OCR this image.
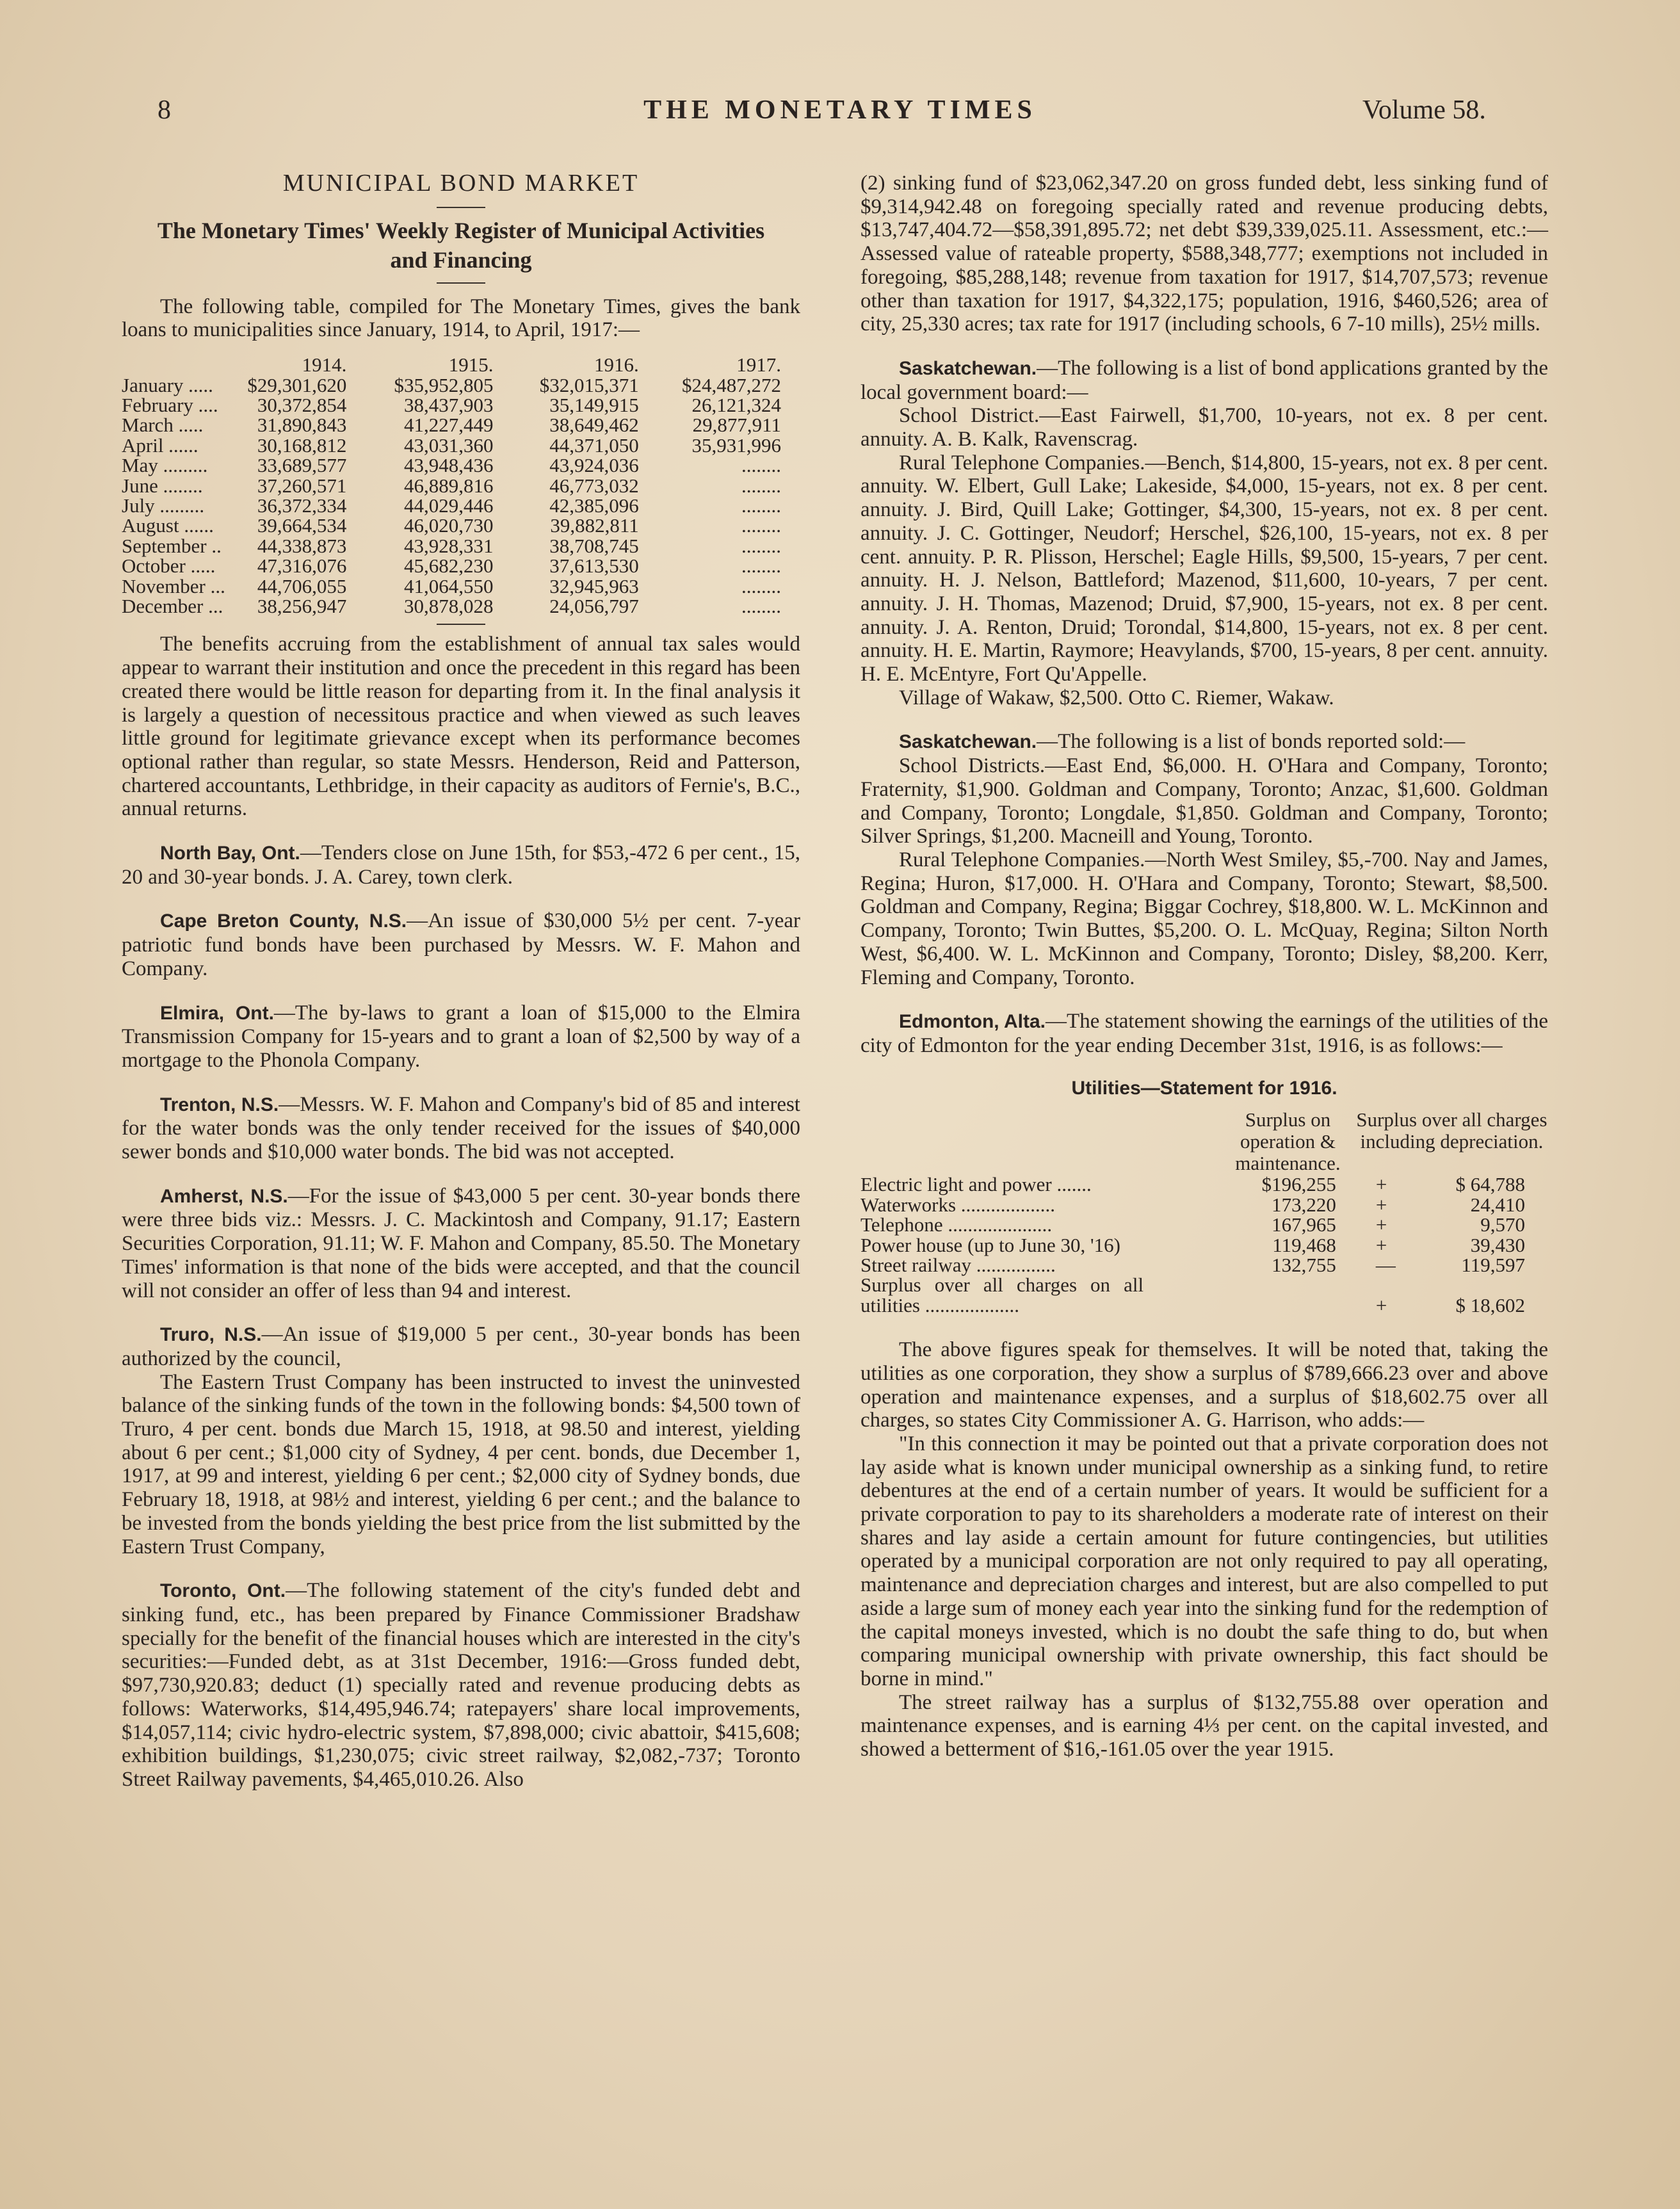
8	THE MONETARY TIMES	Volume 58.
MUNICIPAL BOND MARKET
The Monetary Times' Weekly Register of Municipal Activities and Financing

The following table, compiled for The Monetary Times, gives the bank loans to municipalities since January, 1914, to April, 1917:—

	1914.	1915.	1916.	1917.
January .....	$29,301,620	$35,952,805	$32,015,371	$24,487,272
February ....	30,372,854	38,437,903	35,149,915	26,121,324
March .....	31,890,843	41,227,449	38,649,462	29,877,911
April ......	30,168,812	43,031,360	44,371,050	35,931,996
May .........	33,689,577	43,948,436	43,924,036	........
June ........	37,260,571	46,889,816	46,773,032	........
July .........	36,372,334	44,029,446	42,385,096	........
August ......	39,664,534	46,020,730	39,882,811	........
September ..	44,338,873	43,928,331	38,708,745	........
October .....	47,316,076	45,682,230	37,613,530	........
November ...	44,706,055	41,064,550	32,945,963	........
December ...	38,256,947	30,878,028	24,056,797	........

The benefits accruing from the establishment of annual tax sales would appear to warrant their institution and once the precedent in this regard has been created there would be little reason for departing from it. In the final analysis it is largely a question of necessitous practice and when viewed as such leaves little ground for legitimate grievance except when its performance becomes optional rather than regular, so state Messrs. Henderson, Reid and Patterson, chartered accountants, Lethbridge, in their capacity as auditors of Fernie's, B.C., annual returns.

North Bay, Ont.—Tenders close on June 15th, for $53,-472 6 per cent., 15, 20 and 30-year bonds. J. A. Carey, town clerk.

Cape Breton County, N.S.—An issue of $30,000 5½ per cent. 7-year patriotic fund bonds have been purchased by Messrs. W. F. Mahon and Company.

Elmira, Ont.—The by-laws to grant a loan of $15,000 to the Elmira Transmission Company for 15-years and to grant a loan of $2,500 by way of a mortgage to the Phonola Company.

Trenton, N.S.—Messrs. W. F. Mahon and Company's bid of 85 and interest for the water bonds was the only tender received for the issues of $40,000 sewer bonds and $10,000 water bonds. The bid was not accepted.

Amherst, N.S.—For the issue of $43,000 5 per cent. 30-year bonds there were three bids viz.: Messrs. J. C. Mackintosh and Company, 91.17; Eastern Securities Corporation, 91.11; W. F. Mahon and Company, 85.50. The Monetary Times' information is that none of the bids were accepted, and that the council will not consider an offer of less than 94 and interest.

Truro, N.S.—An issue of $19,000 5 per cent., 30-year bonds has been authorized by the council,

The Eastern Trust Company has been instructed to invest the uninvested balance of the sinking funds of the town in the following bonds: $4,500 town of Truro, 4 per cent. bonds due March 15, 1918, at 98.50 and interest, yielding about 6 per cent.; $1,000 city of Sydney, 4 per cent. bonds, due December 1, 1917, at 99 and interest, yielding 6 per cent.; $2,000 city of Sydney bonds, due February 18, 1918, at 98½ and interest, yielding 6 per cent.; and the balance to be invested from the bonds yielding the best price from the list submitted by the Eastern Trust Company,

Toronto, Ont.—The following statement of the city's funded debt and sinking fund, etc., has been prepared by Finance Commissioner Bradshaw specially for the benefit of the financial houses which are interested in the city's securities:—Funded debt, as at 31st December, 1916:—Gross funded debt, $97,730,920.83; deduct (1) specially rated and revenue producing debts as follows: Waterworks, $14,495,946.74; ratepayers' share local improvements, $14,057,114; civic hydro-electric system, $7,898,000; civic abattoir, $415,608; exhibition buildings, $1,230,075; civic street railway, $2,082,-737; Toronto Street Railway pavements, $4,465,010.26. Also

(2) sinking fund of $23,062,347.20 on gross funded debt, less sinking fund of $9,314,942.48 on foregoing specially rated and revenue producing debts, $13,747,404.72—$58,391,895.72; net debt $39,339,025.11. Assessment, etc.:—Assessed value of rateable property, $588,348,777; exemptions not included in foregoing, $85,288,148; revenue from taxation for 1917, $14,707,573; revenue other than taxation for 1917, $4,322,175; population, 1916, $460,526; area of city, 25,330 acres; tax rate for 1917 (including schools, 6 7-10 mills), 25½ mills.

Saskatchewan.—The following is a list of bond applications granted by the local government board:—

School District.—East Fairwell, $1,700, 10-years, not ex. 8 per cent. annuity. A. B. Kalk, Ravenscrag.

Rural Telephone Companies.—Bench, $14,800, 15-years, not ex. 8 per cent. annuity. W. Elbert, Gull Lake; Lakeside, $4,000, 15-years, not ex. 8 per cent. annuity. J. Bird, Quill Lake; Gottinger, $4,300, 15-years, not ex. 8 per cent. annuity. J. C. Gottinger, Neudorf; Herschel, $26,100, 15-years, not ex. 8 per cent. annuity. P. R. Plisson, Herschel; Eagle Hills, $9,500, 15-years, 7 per cent. annuity. H. J. Nelson, Battleford; Mazenod, $11,600, 10-years, 7 per cent. annuity. J. H. Thomas, Mazenod; Druid, $7,900, 15-years, not ex. 8 per cent. annuity. J. A. Renton, Druid; Torondal, $14,800, 15-years, not ex. 8 per cent. annuity. H. E. Martin, Raymore; Heavylands, $700, 15-years, 8 per cent. annuity. H. E. McEntyre, Fort Qu'Appelle.

Village of Wakaw, $2,500. Otto C. Riemer, Wakaw.

Saskatchewan.—The following is a list of bonds reported sold:—

School Districts.—East End, $6,000. H. O'Hara and Company, Toronto; Fraternity, $1,900. Goldman and Company, Toronto; Anzac, $1,600. Goldman and Company, Toronto; Longdale, $1,850. Goldman and Company, Toronto; Silver Springs, $1,200. Macneill and Young, Toronto.

Rural Telephone Companies.—North West Smiley, $5,-700. Nay and James, Regina; Huron, $17,000. H. O'Hara and Company, Toronto; Stewart, $8,500. Goldman and Company, Regina; Biggar Cochrey, $18,800. W. L. McKinnon and Company, Toronto; Twin Buttes, $5,200. O. L. McQuay, Regina; Silton North West, $6,400. W. L. McKinnon and Company, Toronto; Disley, $8,200. Kerr, Fleming and Company, Toronto.

Edmonton, Alta.—The statement showing the earnings of the utilities of the city of Edmonton for the year ending December 31st, 1916, is as follows:—

Utilities—Statement for 1916.
	Surplus on operation & maintenance.	Surplus over all charges including depreciation.
Electric light and power .......	$196,255	+ $ 64,788
Waterworks ...................	173,220	+ 24,410
Telephone .....................	167,965	+ 9,570
Power house (up to June 30, '16)	119,468	+ 39,430
Street railway ................	132,755	— 119,597
Surplus over all charges on all utilities ...................		+ $ 18,602

The above figures speak for themselves. It will be noted that, taking the utilities as one corporation, they show a surplus of $789,666.23 over and above operation and maintenance expenses, and a surplus of $18,602.75 over all charges, so states City Commissioner A. G. Harrison, who adds:—

"In this connection it may be pointed out that a private corporation does not lay aside what is known under municipal ownership as a sinking fund, to retire debentures at the end of a certain number of years. It would be sufficient for a private corporation to pay to its shareholders a moderate rate of interest on their shares and lay aside a certain amount for future contingencies, but utilities operated by a municipal corporation are not only required to pay all operating, maintenance and depreciation charges and interest, but are also compelled to put aside a large sum of money each year into the sinking fund for the redemption of the capital moneys invested, which is no doubt the safe thing to do, but when comparing municipal ownership with private ownership, this fact should be borne in mind."

The street railway has a surplus of $132,755.88 over operation and maintenance expenses, and is earning 4⅓ per cent. on the capital invested, and showed a betterment of $16,-161.05 over the year 1915.
